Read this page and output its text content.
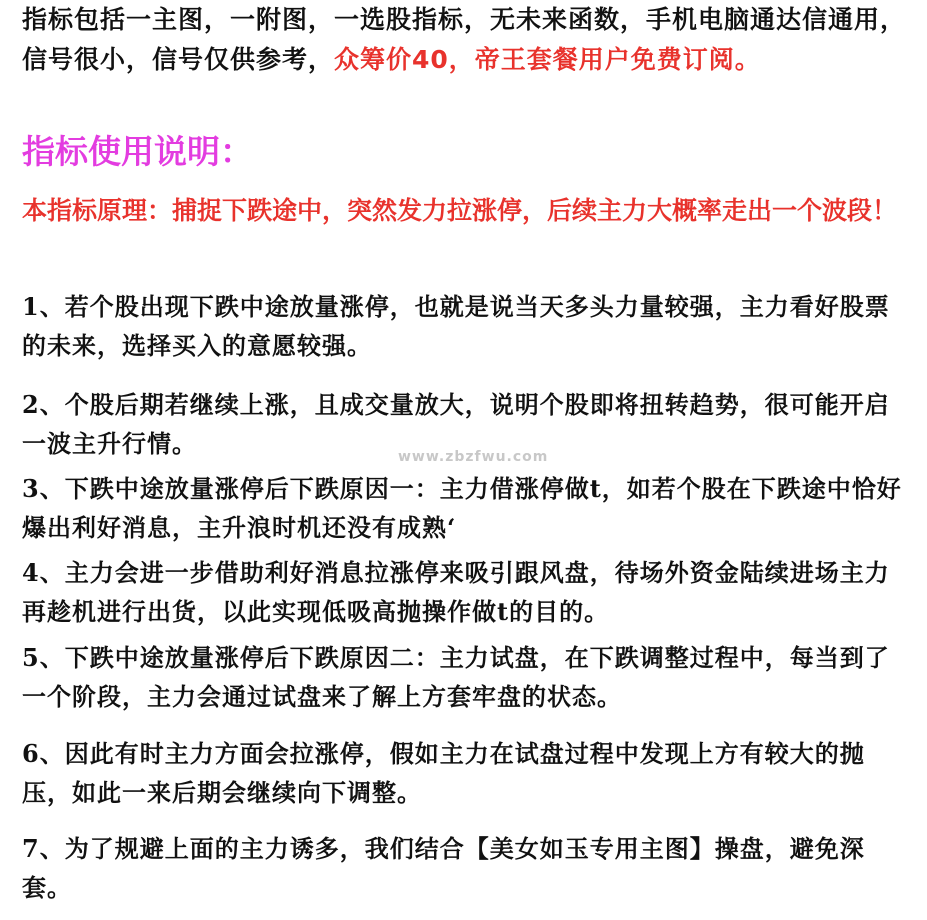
指标包括一主图，一附图，一选股指标，无未来函数，手机电脑通达信通用，信号很小，信号仅供参考，众筹价40，帝王套餐用户免费订阅。
指标使用说明：
本指标原理：捕捉下跌途中，突然发力拉涨停，后续主力大概率走出一个波段！
1、若个股出现下跌中途放量涨停，也就是说当天多头力量较强，主力看好股票的未来，选择买入的意愿较强。
2、个股后期若继续上涨，且成交量放大，说明个股即将扭转趋势，很可能开启一波主升行情。
3、下跌中途放量涨停后下跌原因一：主力借涨停做t，如若个股在下跌途中恰好爆出利好消息，主升浪时机还没有成熟‘
4、主力会进一步借助利好消息拉涨停来吸引跟风盘，待场外资金陆续进场主力再趁机进行出货，以此实现低吸高抛操作做t的目的。
5、下跌中途放量涨停后下跌原因二：主力试盘，在下跌调整过程中，每当到了一个阶段，主力会通过试盘来了解上方套牢盘的状态。
6、因此有时主力方面会拉涨停，假如主力在试盘过程中发现上方有较大的抛压，如此一来后期会继续向下调整。
7、为了规避上面的主力诱多，我们结合【美女如玉专用主图】操盘，避免深套。
www.zbzfwu.com
